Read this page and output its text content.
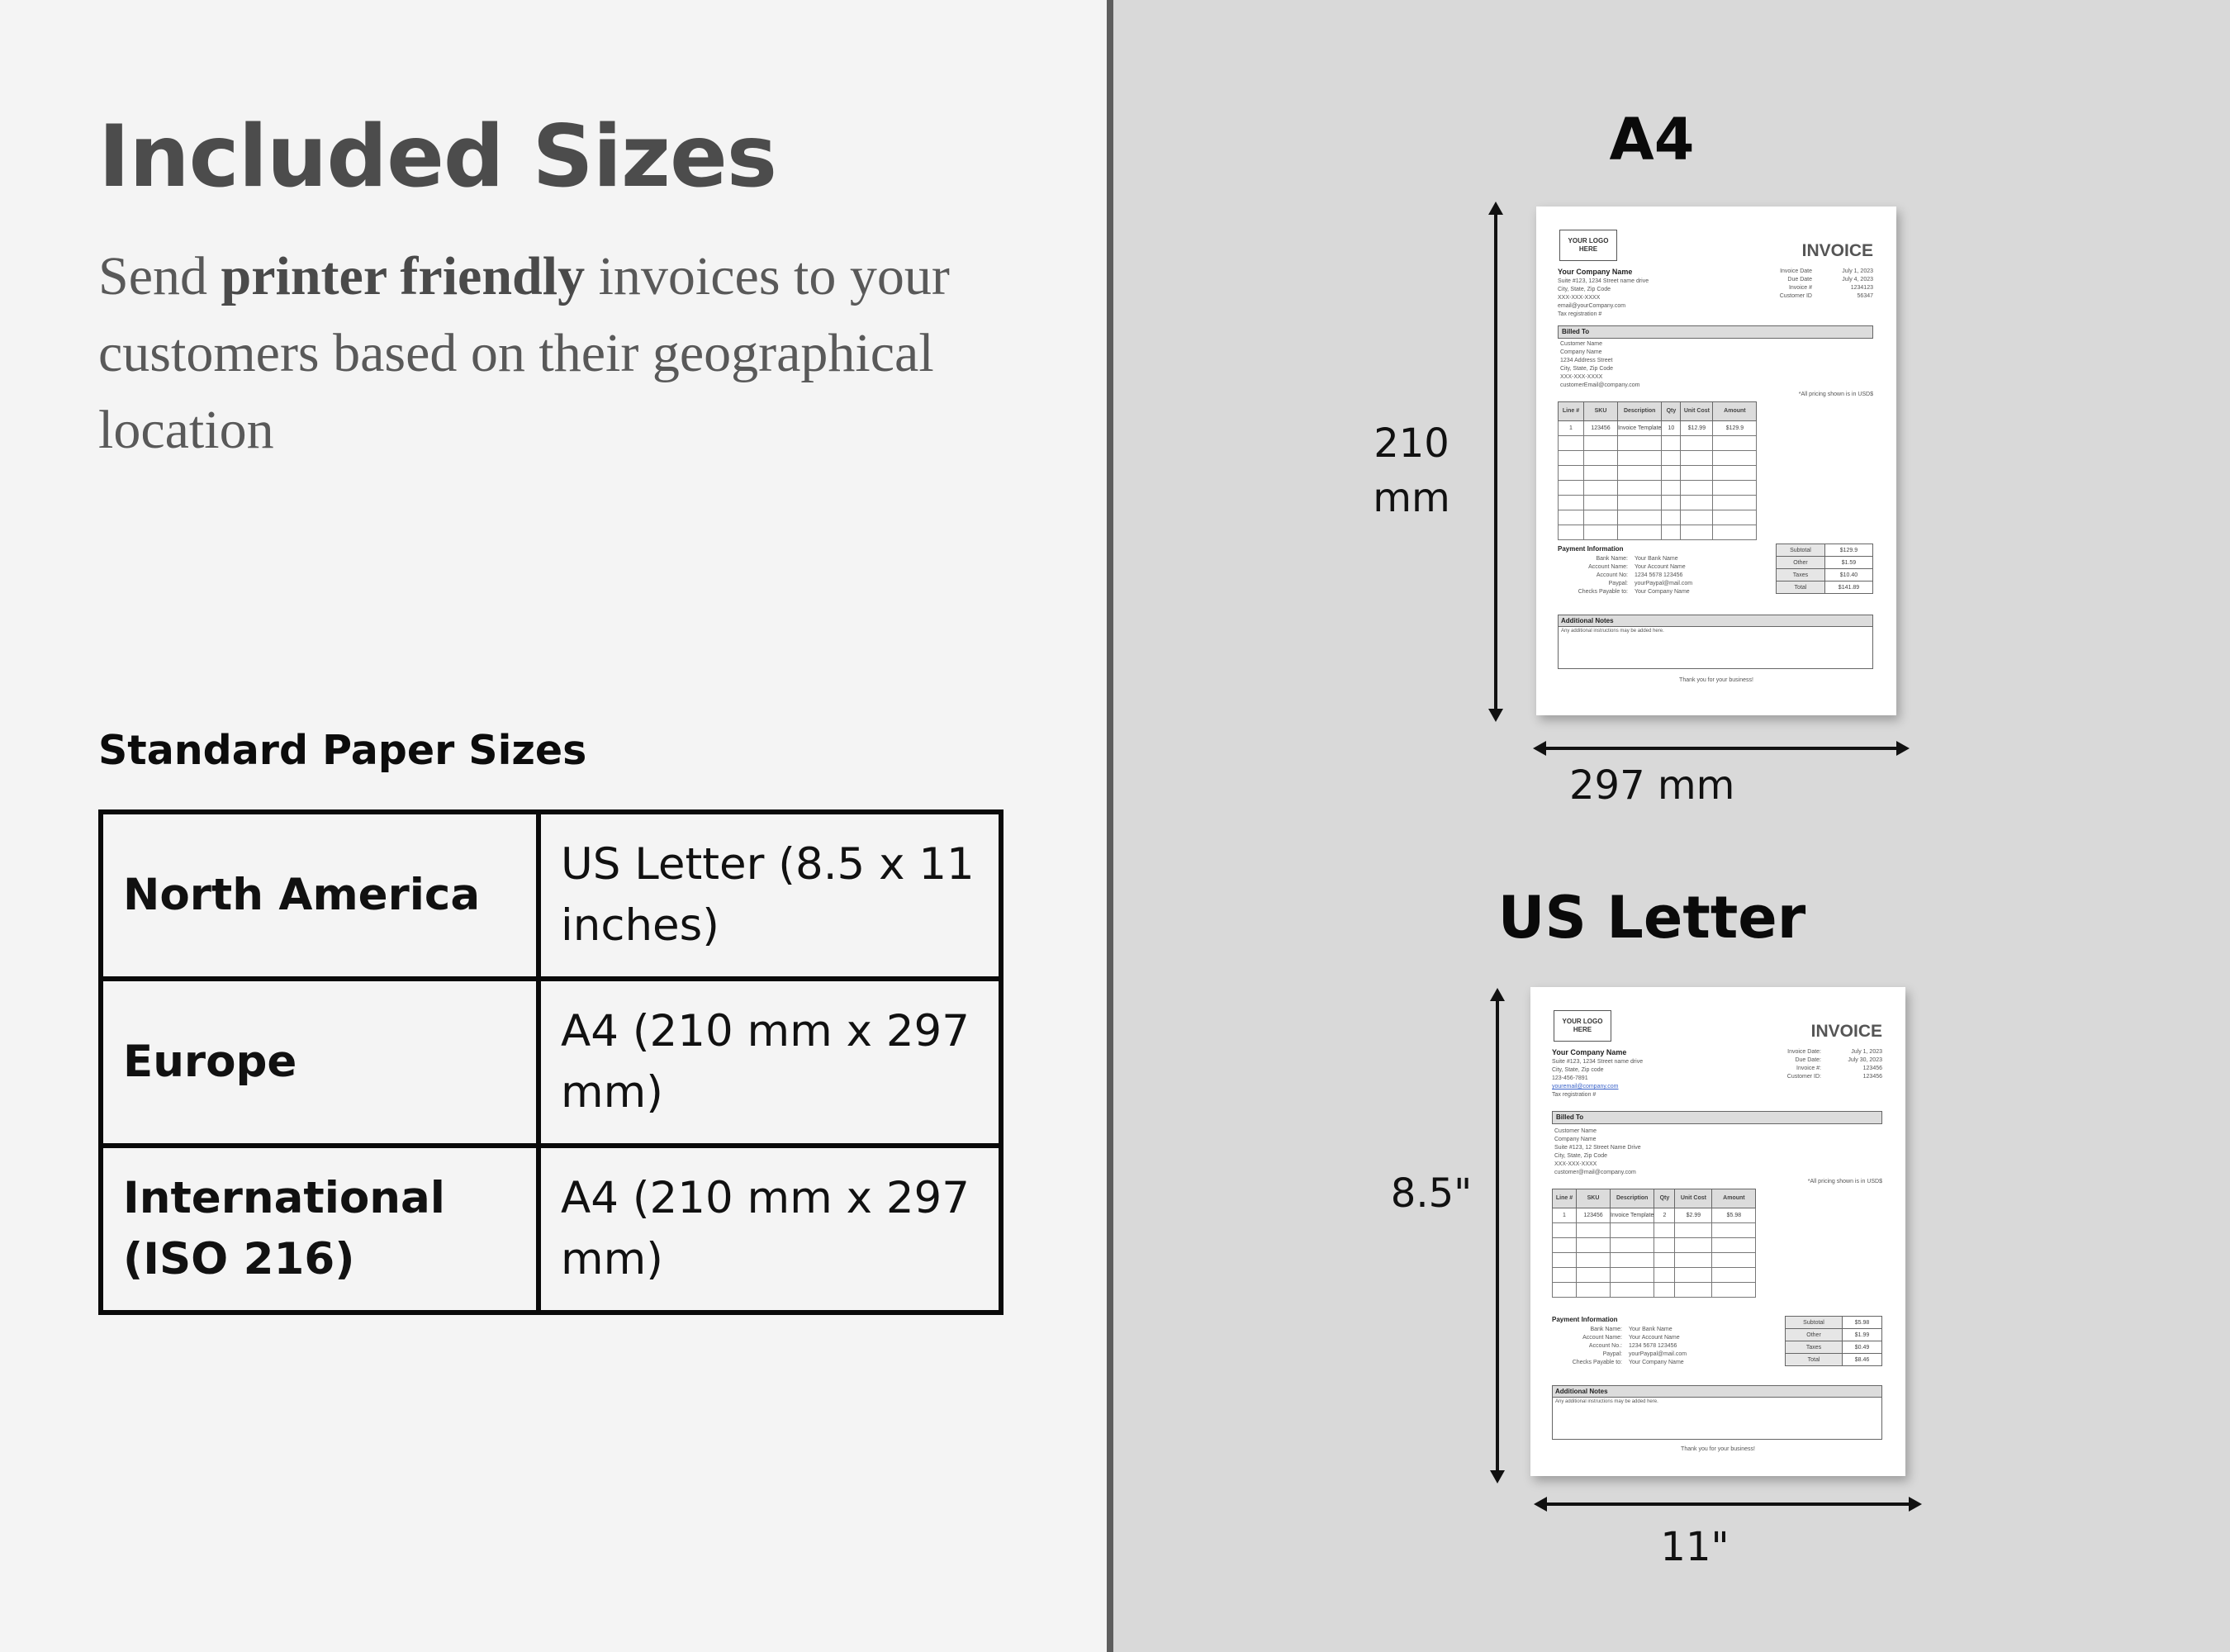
Included Sizes

Send printer friendly invoices to your customers based on their geographical location

Standard Paper Sizes
North America	US Letter (8.5 x 11 inches)
Europe	A4 (210 mm x 297 mm)
International (ISO 216)	A4 (210 mm x 297 mm)
A4
210
mm
297 mm
YOUR LOGO HERE	INVOICE
Your Company Name
Suite #123, 1234 Street name drive
City, State, Zip Code
XXX-XXX-XXXX
email@yourCompany.com
Tax registration #
Invoice Date	July 1, 2023
Due Date	July 4, 2023
Invoice #	1234123
Customer ID	56347
Billed To
Customer Name
Company Name
1234 Address Street
City, State, Zip Code
XXX-XXX-XXXX
customerEmail@company.com
*All pricing shown is in USD$
Line #	SKU	Description	Qty	Unit Cost	Amount
1	123456	Invoice Template	10	$12.99	$129.9

Payment Information
Bank Name: Your Bank Name
Account Name: Your Account Name
Account No: 1234 5678 123456
Paypal: yourPaypal@mail.com
Checks Payable to: Your Company Name
Subtotal	$129.9
Other	$1.59
Taxes	$10.40
Total	$141.89
Additional Notes
Any additional instructions may be added here.
Thank you for your business!
US Letter
8.5"
11"
YOUR LOGO HERE	INVOICE
Your Company Name
Suite #123, 1234 Street name drive
City, State, Zip code
123-456-7891
youremail@company.com
Tax registration #
Invoice Date:	July 1, 2023
Due Date:	July 30, 2023
Invoice #:	123456
Customer ID:	123456
Billed To
Customer Name
Company Name
Suite #123, 12 Street Name Drive
City, State, Zip Code
XXX-XXX-XXXX
customer@mail@company.com
*All pricing shown is in USD$
Line #	SKU	Description	Qty	Unit Cost	Amount
1	123456	Invoice Template	2	$2.99	$5.98

Payment Information
Bank Name: Your Bank Name
Account Name: Your Account Name
Account No.: 1234 5678 123456
Paypal: yourPaypal@mail.com
Checks Payable to: Your Company Name
Subtotal	$5.98
Other	$1.99
Taxes	$0.49
Total	$8.46
Additional Notes
Any additional instructions may be added here.
Thank you for your business!
